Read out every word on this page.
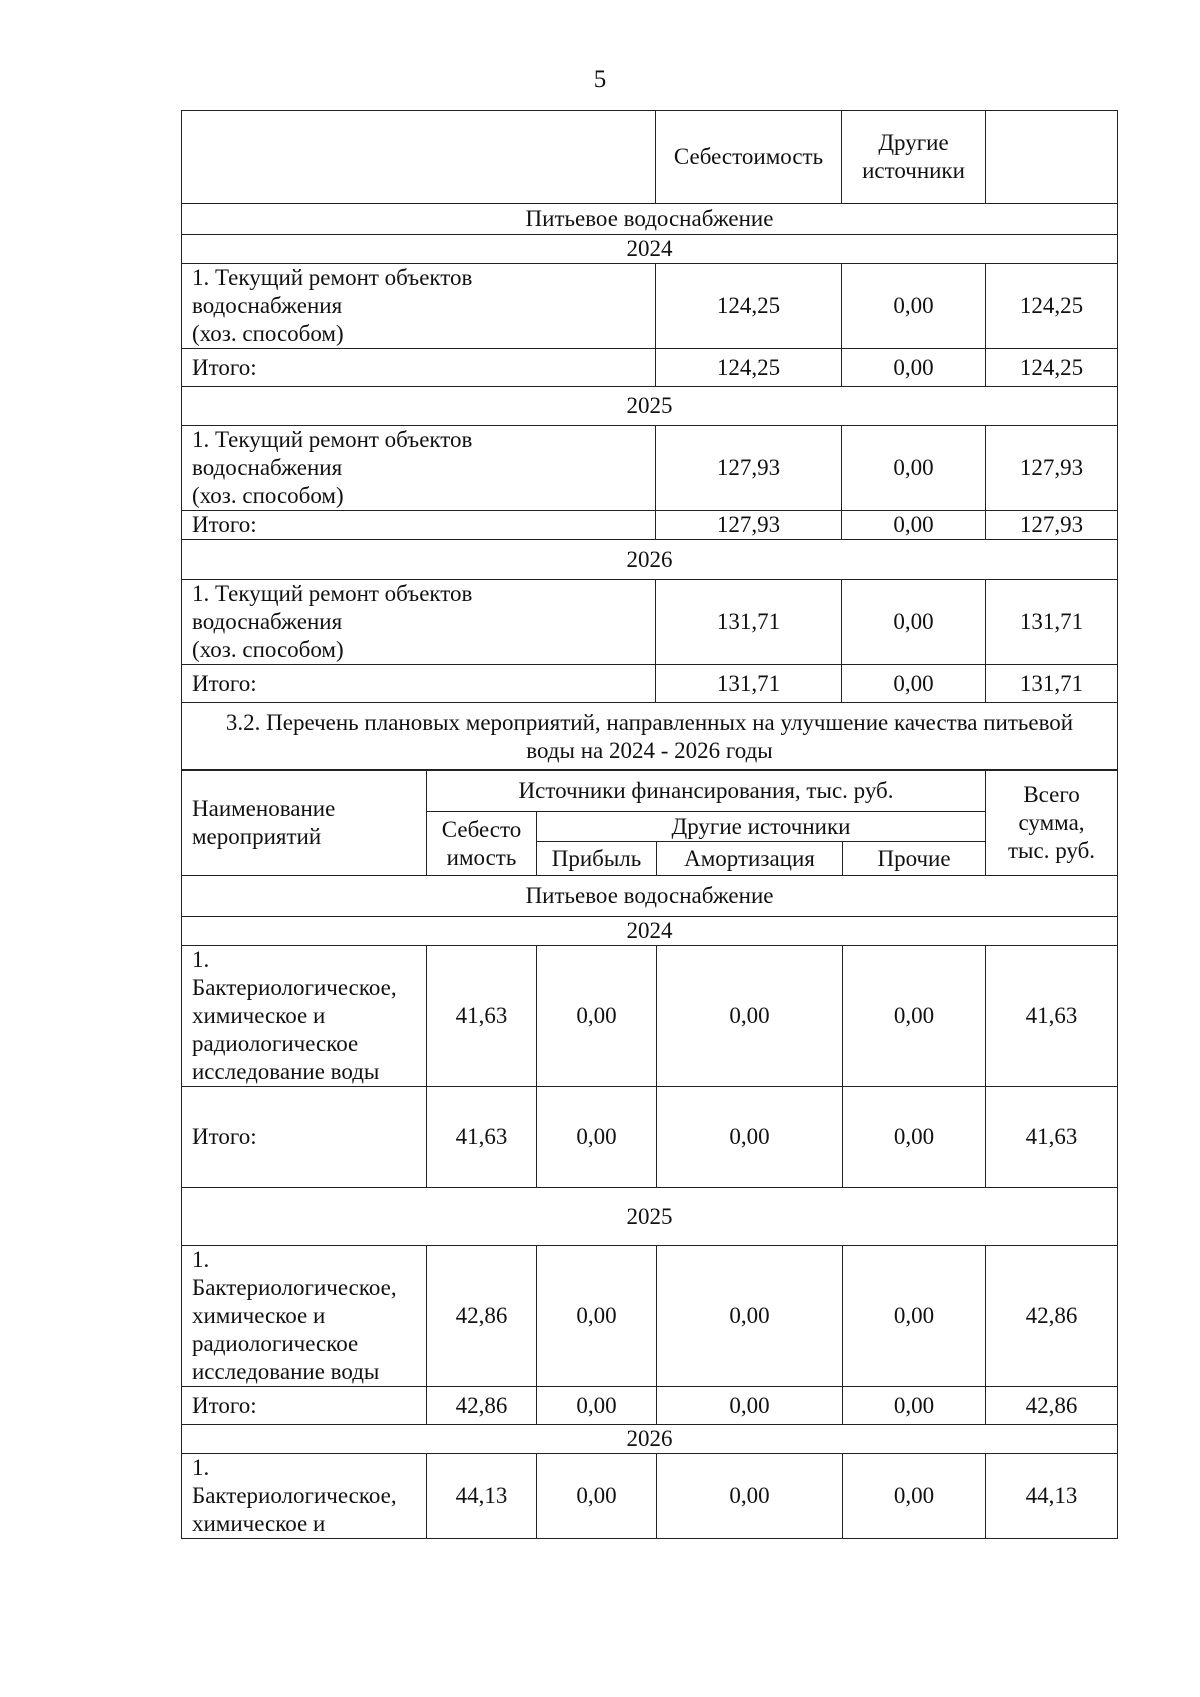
5
	Себестоимость	Другие
источники	
Питьевое водоснабжение			
2024			
1. Текущий ремонт объектов
водоснабжения
(хоз. способом)	124,25	0,00	124,25
Итого:	124,25	0,00	124,25
2025			
1. Текущий ремонт объектов
водоснабжения
(хоз. способом)	127,93	0,00	127,93
Итого:	127,93	0,00	127,93
2026			
1. Текущий ремонт объектов
водоснабжения
(хоз. способом)	131,71	0,00	131,71
Итого:	131,71	0,00	131,71
3.2. Перечень плановых мероприятий, направленных на улучшение качества питьевой
воды на 2024 - 2026 годы			
Наименование
мероприятий	Источники финансирования, тыс. руб.				Всего
сумма,
тыс. руб.
	Себесто
имость	Другие источники			
		Прибыль	Амортизация	Прочие	
Питьевое водоснабжение					
2024					
1.
Бактериологическое,
химическое и
радиологическое
исследование воды	41,63	0,00	0,00	0,00	41,63
Итого:	41,63	0,00	0,00	0,00	41,63
2025					
1.
Бактериологическое,
химическое и
радиологическое
исследование воды	42,86	0,00	0,00	0,00	42,86
Итого:	42,86	0,00	0,00	0,00	42,86
2026					
1.
Бактериологическое,
химическое и	44,13	0,00	0,00	0,00	44,13
